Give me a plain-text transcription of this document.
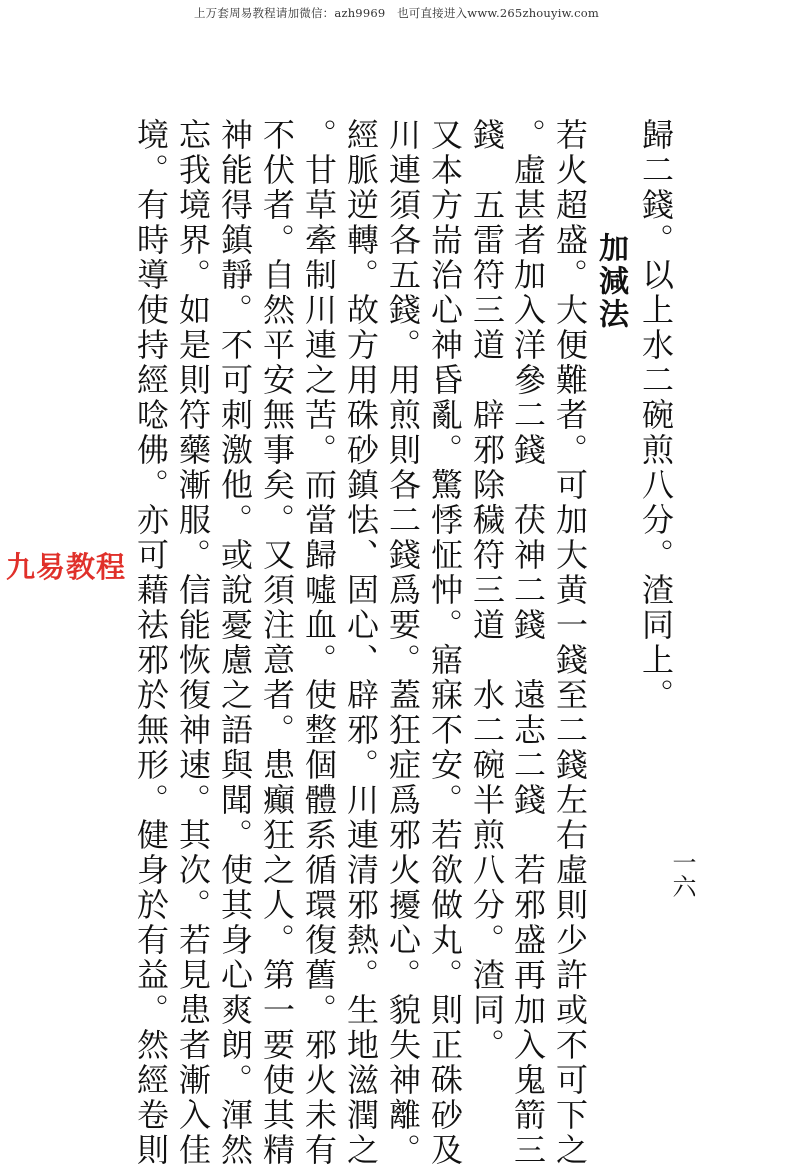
上万套周易教程请加微信：azh9969　也可直接进入www.265zhouyiw.com
歸二錢。以上水二碗煎八分。渣同上。
加減法
若火超盛。大便難者。可加大黄一錢至二錢左右虛則少許或不可下之
。虛甚者加入洋參二錢　茯神二錢　遠志二錢　若邪盛再加入鬼箭三
錢　五雷符三道　辟邪除穢符三道　水二碗半煎八分。渣同。
又本方耑治心神昏亂。驚悸怔忡。寤寐不安。若欲做丸。則正硃砂及
川連須各五錢。用煎則各二錢爲要。蓋狂症爲邪火擾心。貌失神離。
經脈逆轉。故方用硃砂鎮怯、固心、辟邪。川連清邪熱。生地滋潤之
。甘草牽制川連之苦。而當歸噓血。使整個體系循環復舊。邪火未有
不伏者。自然平安無事矣。又須注意者。患癲狂之人。第一要使其精
神能得鎮靜。不可刺激他。或說憂慮之語與聞。使其身心爽朗。渾然
忘我境界。如是則符藥漸服。信能恢復神速。其次。若見患者漸入佳
境。有時導使持經唸佛。亦可藉祛邪於無形。健身於有益。然經卷則	一六
九易教程
